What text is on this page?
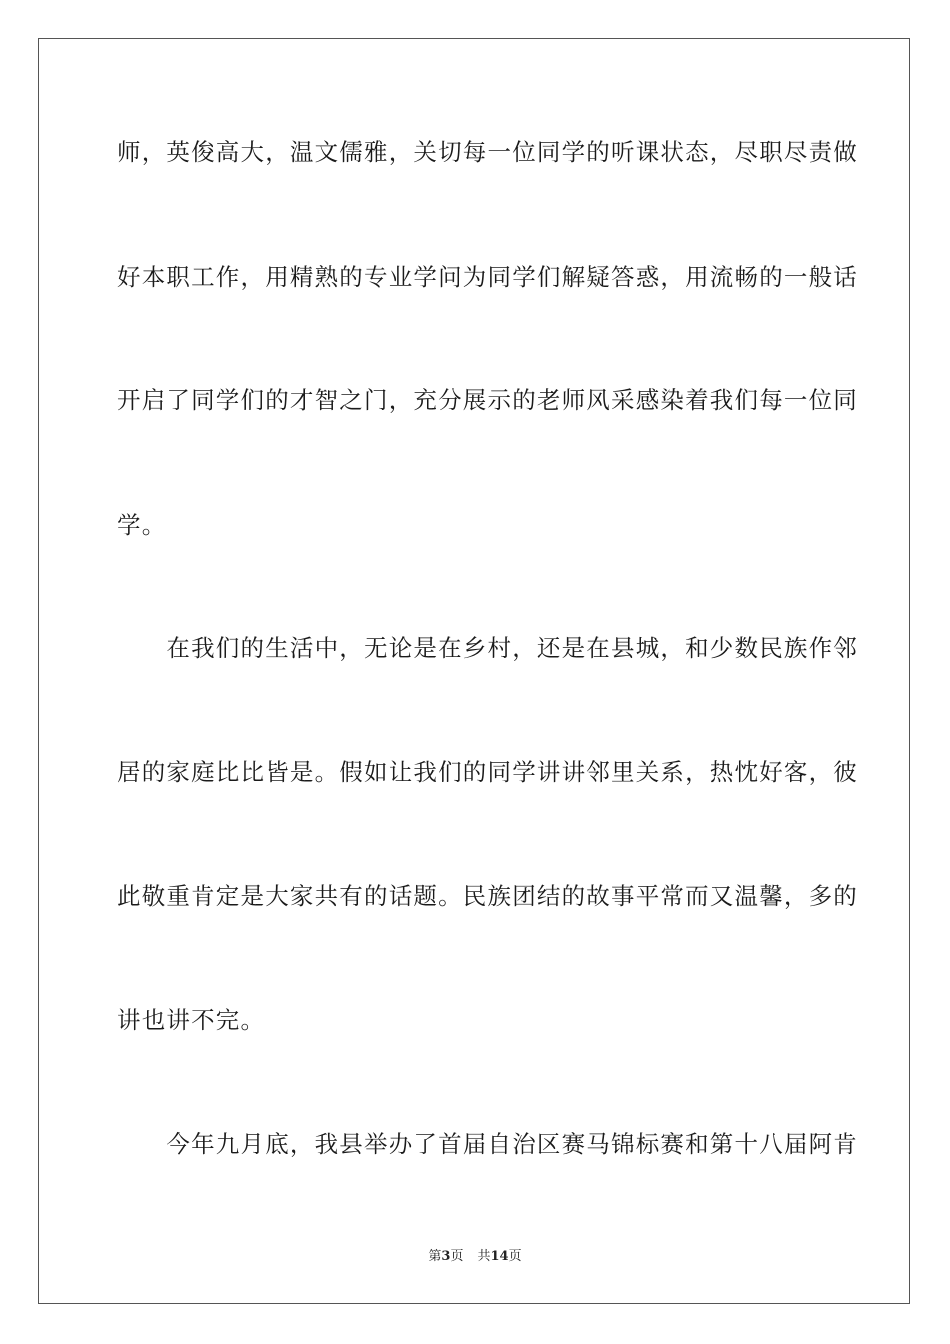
师，英俊高大，温文儒雅，关切每一位同学的听课状态，尽职尽责做
好本职工作，用精熟的专业学问为同学们解疑答惑，用流畅的一般话
开启了同学们的才智之门，充分展示的老师风采感染着我们每一位同
学。
　　在我们的生活中，无论是在乡村，还是在县城，和少数民族作邻
居的家庭比比皆是。假如让我们的同学讲讲邻里关系，热忱好客，彼
此敬重肯定是大家共有的话题。民族团结的故事平常而又温馨，多的
讲也讲不完。
　　今年九月底，我县举办了首届自治区赛马锦标赛和第十八届阿肯
第3页 共14页
